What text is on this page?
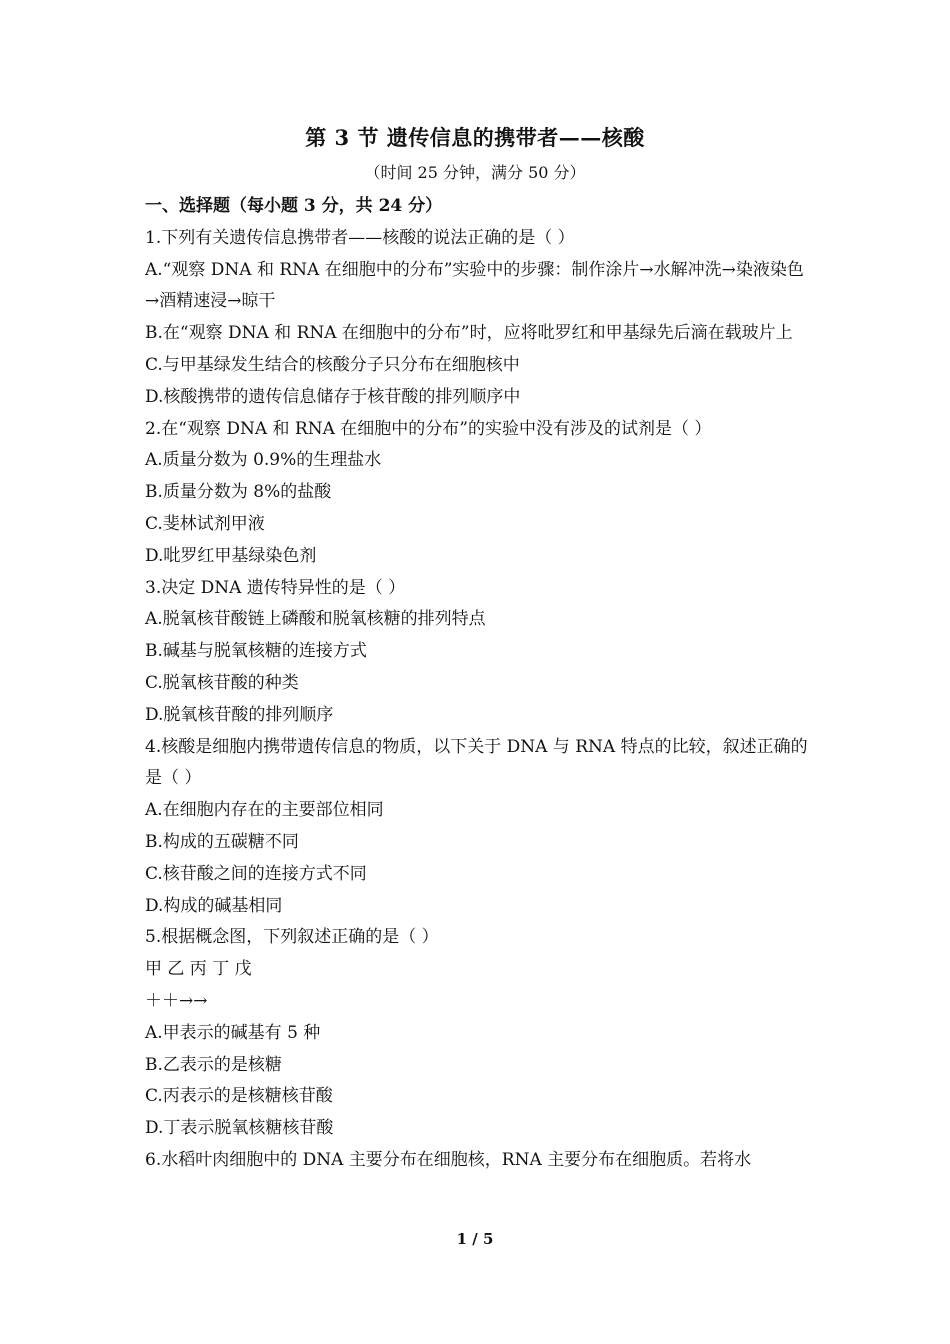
第 3 节 遗传信息的携带者——核酸
（时间 25 分钟，满分 50 分）

一、选择题（每小题 3 分，共 24 分）

1.下列有关遗传信息携带者——核酸的说法正确的是（ ）

A.“观察 DNA 和 RNA 在细胞中的分布”实验中的步骤：制作涂片→水解冲洗→染液染色→酒精速浸→晾干

B.在“观察 DNA 和 RNA 在细胞中的分布”时，应将吡罗红和甲基绿先后滴在载玻片上

C.与甲基绿发生结合的核酸分子只分布在细胞核中

D.核酸携带的遗传信息储存于核苷酸的排列顺序中

2.在“观察 DNA 和 RNA 在细胞中的分布”的实验中没有涉及的试剂是（ ）

A.质量分数为 0.9%的生理盐水

B.质量分数为 8%的盐酸

C.斐林试剂甲液

D.吡罗红甲基绿染色剂

3.决定 DNA 遗传特异性的是（ ）

A.脱氧核苷酸链上磷酸和脱氧核糖的排列特点

B.碱基与脱氧核糖的连接方式

C.脱氧核苷酸的种类

D.脱氧核苷酸的排列顺序

4.核酸是细胞内携带遗传信息的物质，以下关于 DNA 与 RNA 特点的比较，叙述正确的是（ ）

A.在细胞内存在的主要部位相同

B.构成的五碳糖不同

C.核苷酸之间的连接方式不同

D.构成的碱基相同

5.根据概念图，下列叙述正确的是（ ）

甲 乙 丙 丁 戊

＋＋→→

A.甲表示的碱基有 5 种

B.乙表示的是核糖

C.丙表示的是核糖核苷酸

D.丁表示脱氧核糖核苷酸

6.水稻叶肉细胞中的 DNA 主要分布在细胞核，RNA 主要分布在细胞质。若将水

1 / 5
